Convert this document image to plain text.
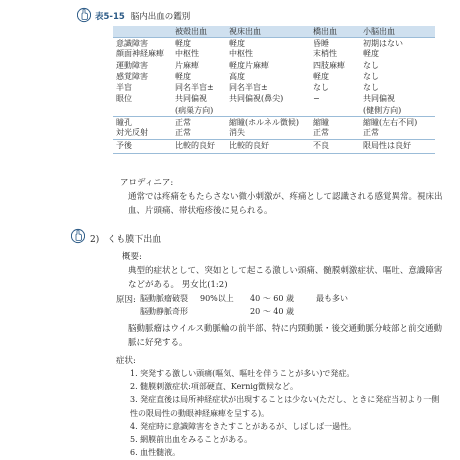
表5-15 脳内出血の鑑別
被殻出血	視床出血	橋出血	小脳出血
意識障害	軽度	軽度	昏睡	初期はない
顔面神経麻痺 中枢性	中枢性	末梢性	軽度
運動障害	片麻痺	軽度片麻痺	四肢麻痺 なし
感覚障害	軽度	高度	軽度	なし
半盲	同名半盲± 同名半盲±	なし	なし
眼位	共同偏視	共同偏視(鼻尖)	−	共同偏視
(病巣方向)	(健側方向)
瞳孔	正常	縮瞳(ホルネル徴候) 縮瞳	縮瞳(左右不同)
対光反射	正常	消失	正常	正常
予後	比較的良好 比較的良好	不良	限局性は良好
アロディニア:
通常では疼痛をもたらさない微小刺激が、疼痛として認識される感覚異常。視床出血、片頭痛、帯状疱疹後に見られる。
2) くも膜下出血
概要:
典型的症状として、突如として起こる激しい頭痛、髄膜刺激症状、嘔吐、意識障害などがある。 男女比(1:2)
原因: 脳動脈瘤破裂 90%以上 40 〜 60 歳	最も多い
脳動静脈奇形	20 〜 40 歳
脳動脈瘤はウイルス動脈輪の前半部、特に内頸動脈・後交通動脈分岐部と前交通動脈に好発する。
症状:
1. 突発する激しい頭痛(嘔気、嘔吐を伴うことが多い)で発症。
2. 髄膜刺激症状:項部硬直、Kernig徴候など。
3. 発症直後は局所神経症状が出現することは少ない(ただし、ときに発症当初より一側性の限局性の動眼神経麻痺を呈する)。
4. 発症時に意識障害をきたすことがあるが、しばしば一過性。
5. 網膜前出血をみることがある。
6. 血性髄液。
